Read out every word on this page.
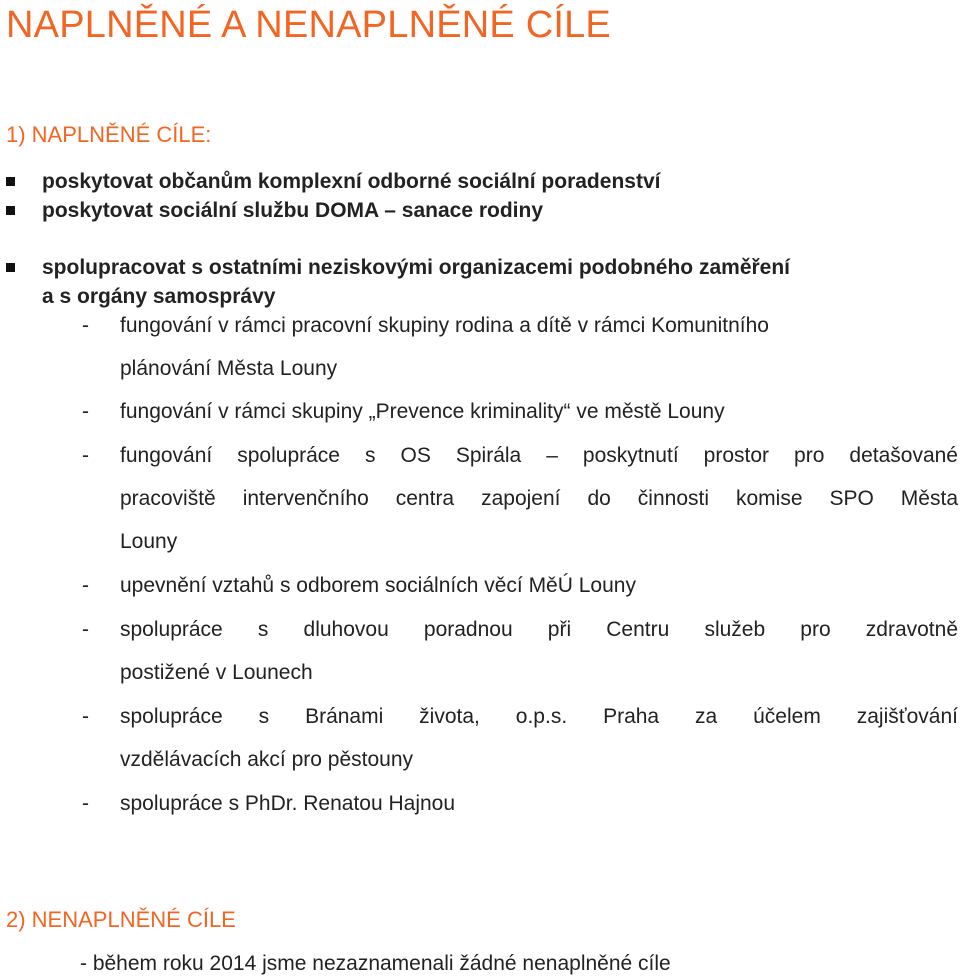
NAPLNĚNÉ A NENAPLNĚNÉ CÍLE
1) NAPLNĚNÉ CÍLE:

poskytovat občanům komplexní odborné sociální poradenství

poskytovat sociální službu DOMA – sanace rodiny

spolupracovat s ostatními neziskovými organizacemi podobného zaměření

a s orgány samosprávy

- fungování v rámci pracovní skupiny rodina a dítě v rámci Komunitního
plánování Města Louny
- fungování v rámci skupiny „Prevence kriminality“ ve městě Louny
- fungování spolupráce s OS Spirála – poskytnutí prostor pro detašované
pracoviště intervenčního centra zapojení do činnosti komise SPO Města
Louny
- upevnění vztahů s odborem sociálních věcí MěÚ Louny
- spolupráce s dluhovou poradnou při Centru služeb pro zdravotně
postižené v Lounech
- spolupráce s Bránami života, o.p.s. Praha za účelem zajišťování
vzdělávacích akcí pro pěstouny
- spolupráce s PhDr. Renatou Hajnou
2) NENAPLNĚNÉ CÍLE

- během roku 2014 jsme nezaznamenali žádné nenaplněné cíle
